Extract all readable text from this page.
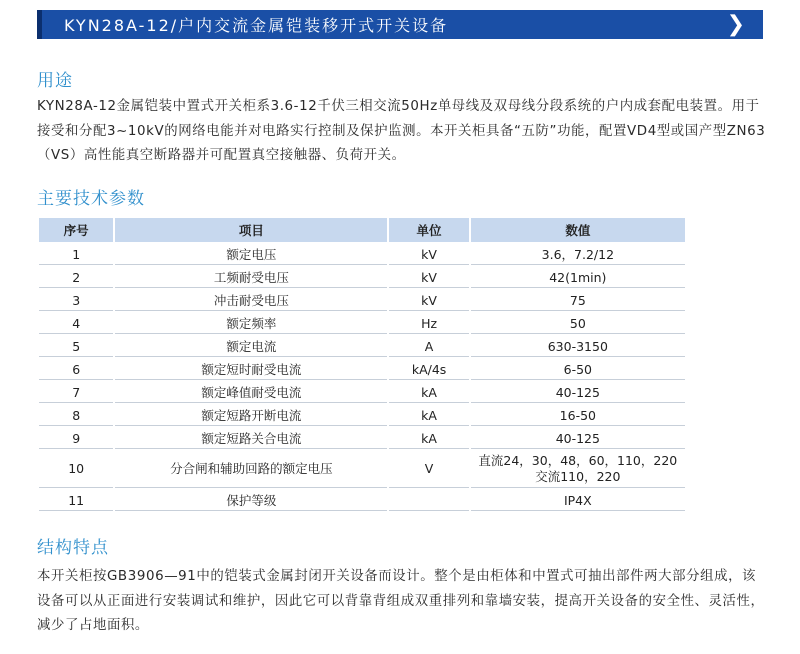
KYN28A-12/户内交流金属铠装移开式开关设备	❯
用途
KYN28A-12金属铠装中置式开关柜系3.6-12千伏三相交流50Hz单母线及双母线分段系统的户内成套配电装置。用于接受和分配3~10kV的网络电能并对电路实行控制及保护监测。本开关柜具备“五防”功能，配置VD4型或国产型ZN63（VS）高性能真空断路器并可配置真空接触器、负荷开关。
主要技术参数
序号	项目	单位	数值
1	额定电压	kV	3.6，7.2/12
2	工频耐受电压	kV	42(1min)
3	冲击耐受电压	kV	75
4	额定频率	Hz	50
5	额定电流	A	630-3150
6	额定短时耐受电流	kA/4s	6-50
7	额定峰值耐受电流	kA	40-125
8	额定短路开断电流	kA	16-50
9	额定短路关合电流	kA	40-125
10	分合闸和辅助回路的额定电压	V	直流24，30，48，60，110，220
交流110，220

11	保护等级		IP4X
结构特点
本开关柜按GB3906—91中的铠装式金属封闭开关设备而设计。整个是由柜体和中置式可抽出部件两大部分组成，该设备可以从正面进行安装调试和维护，因此它可以背靠背组成双重排列和靠墙安装，提高开关设备的安全性、灵活性，减少了占地面积。
